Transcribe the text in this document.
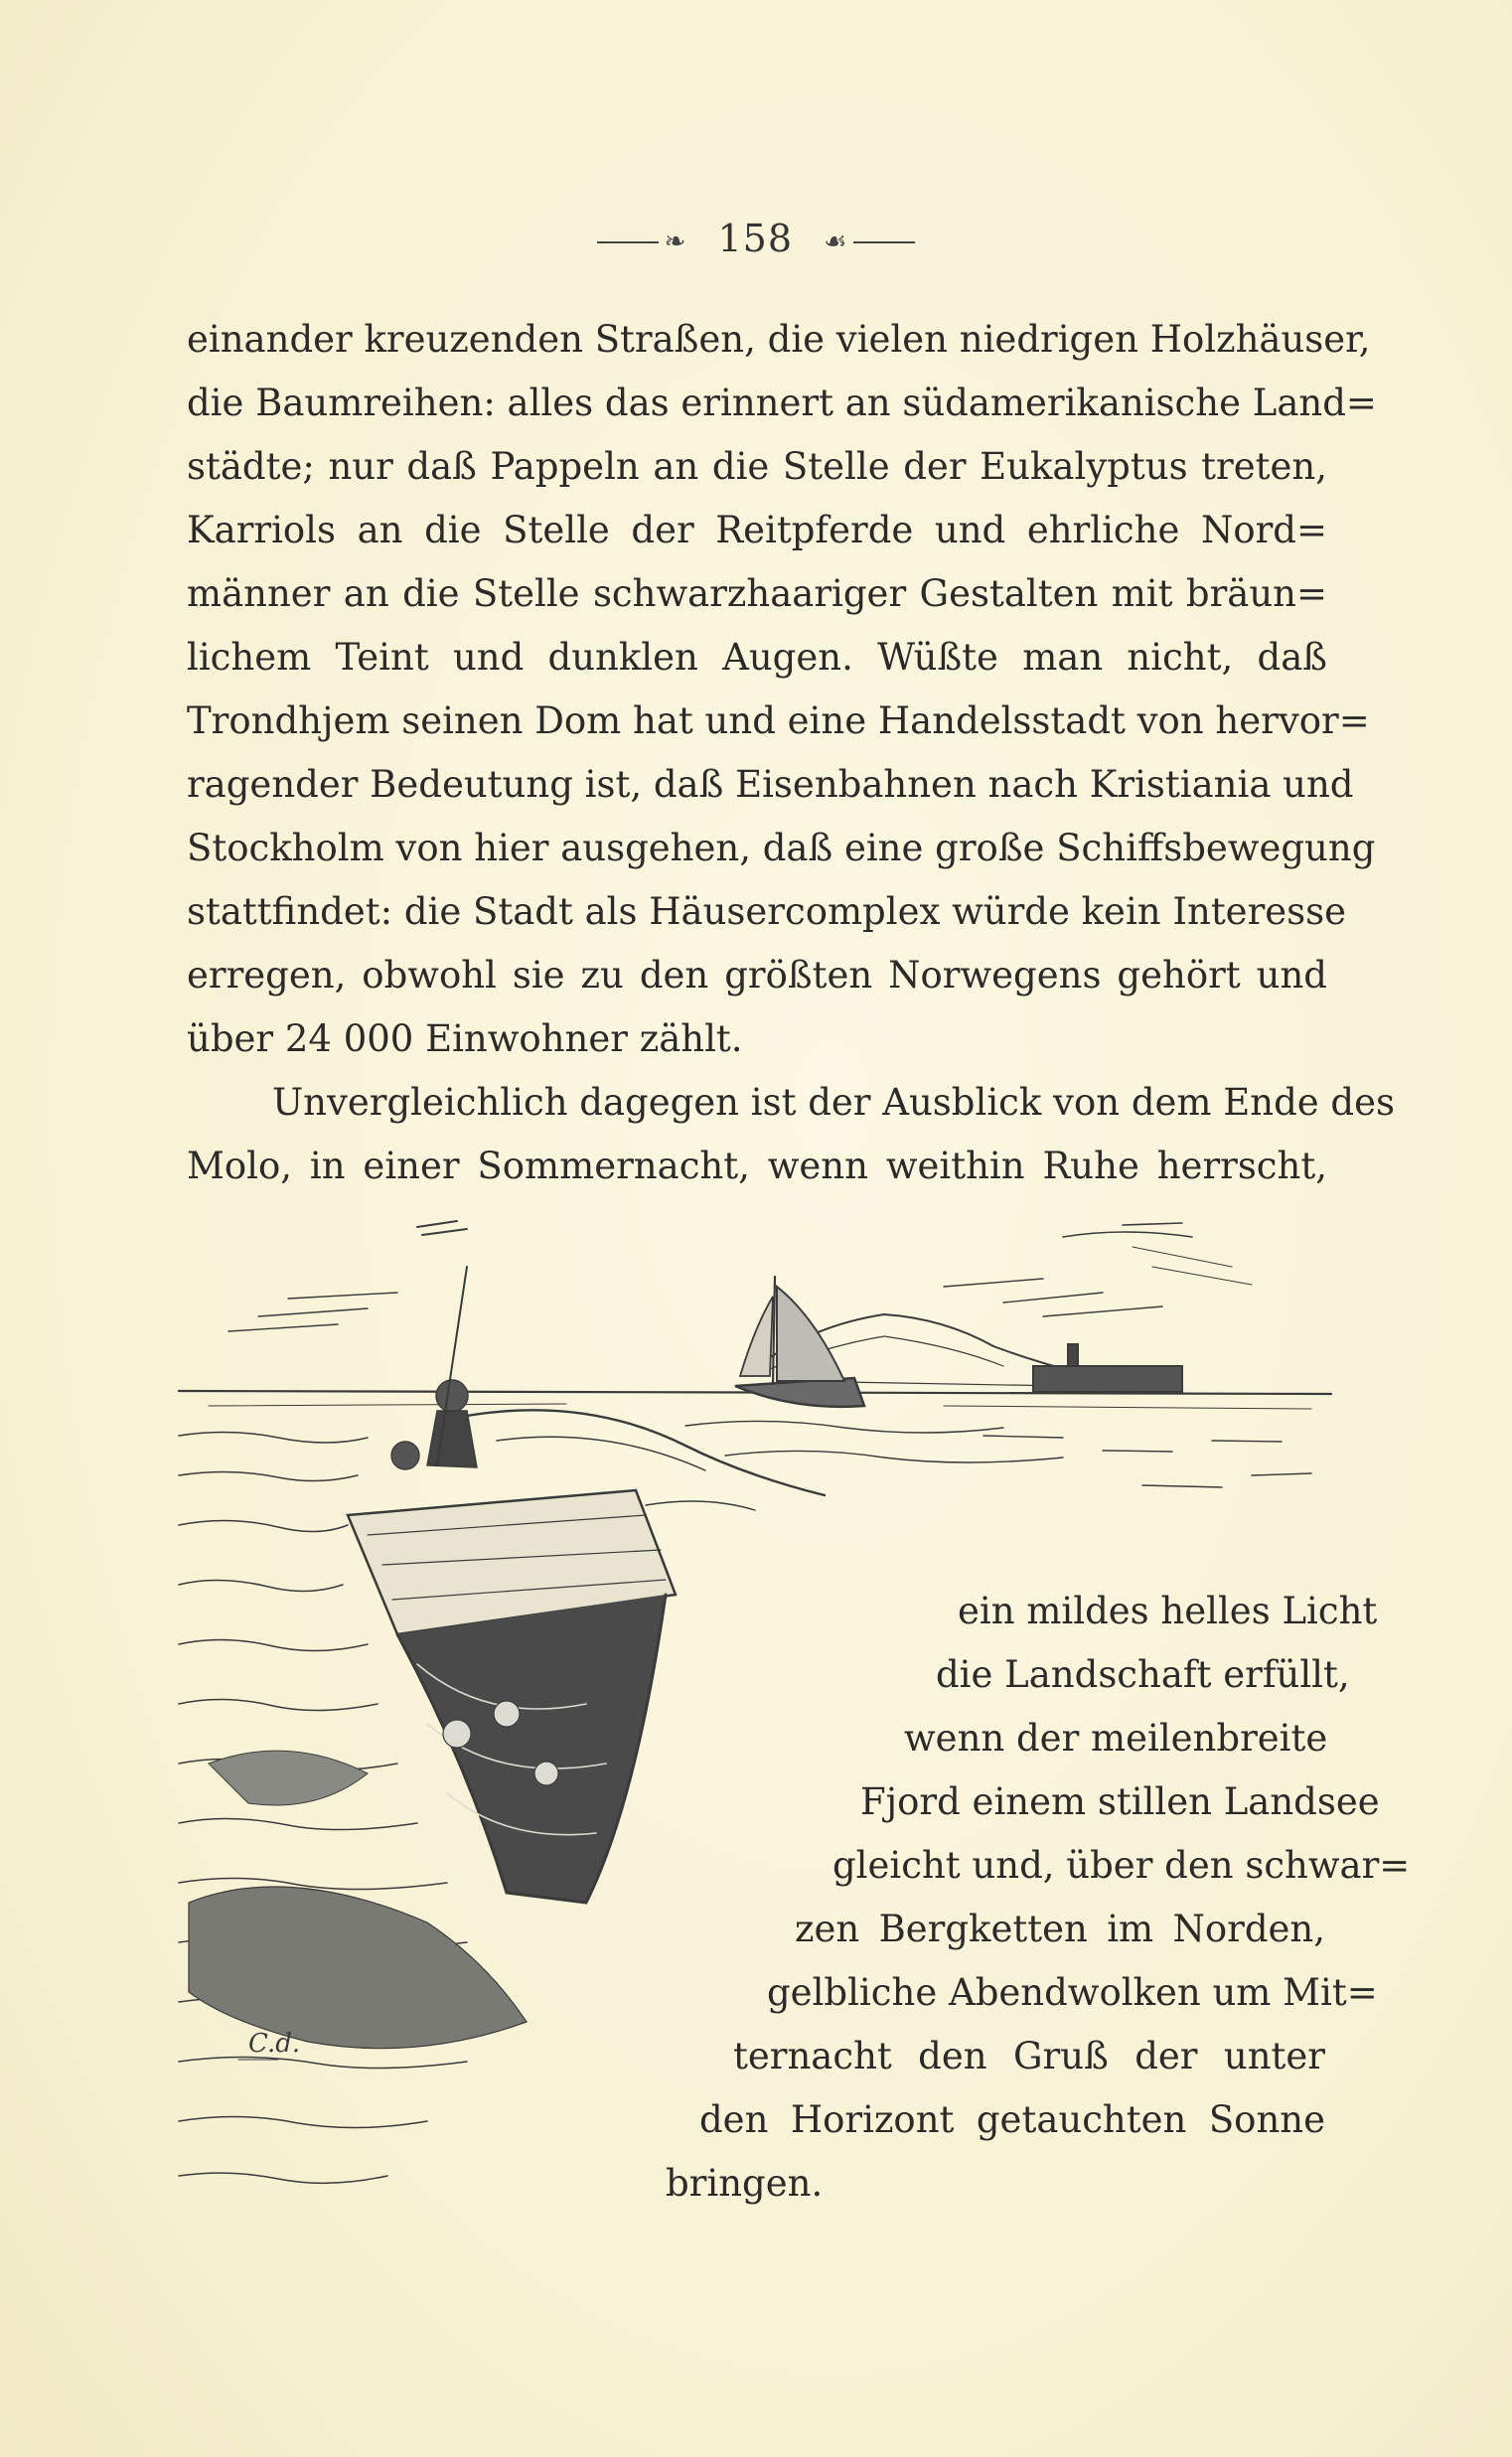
❧ 158 ☙
einander kreuzenden Straßen, die vielen niedrigen Holzhäuser,
die Baumreihen: alles das erinnert an südamerikanische Land=
städte; nur daß Pappeln an die Stelle der Eukalyptus treten,
Karriols an die Stelle der Reitpferde und ehrliche Nord=
männer an die Stelle schwarzhaariger Gestalten mit bräun=
lichem Teint und dunklen Augen. Wüßte man nicht, daß
Trondhjem seinen Dom hat und eine Handelsstadt von hervor=
ragender Bedeutung ist, daß Eisenbahnen nach Kristiania und
Stockholm von hier ausgehen, daß eine große Schiffsbewegung
stattfindet: die Stadt als Häusercomplex würde kein Interesse
erregen, obwohl sie zu den größten Norwegens gehört und
über 24 000 Einwohner zählt.
Unvergleichlich dagegen ist der Ausblick von dem Ende des
Molo, in einer Sommernacht, wenn weithin Ruhe herrscht,
C.d.
ein mildes helles Licht
die Landschaft erfüllt,
wenn der meilenbreite
Fjord einem stillen Landsee
gleicht und, über den schwar=
zen Bergketten im Norden,
gelbliche Abendwolken um Mit=
ternacht den Gruß der unter
den Horizont getauchten Sonne
bringen.
